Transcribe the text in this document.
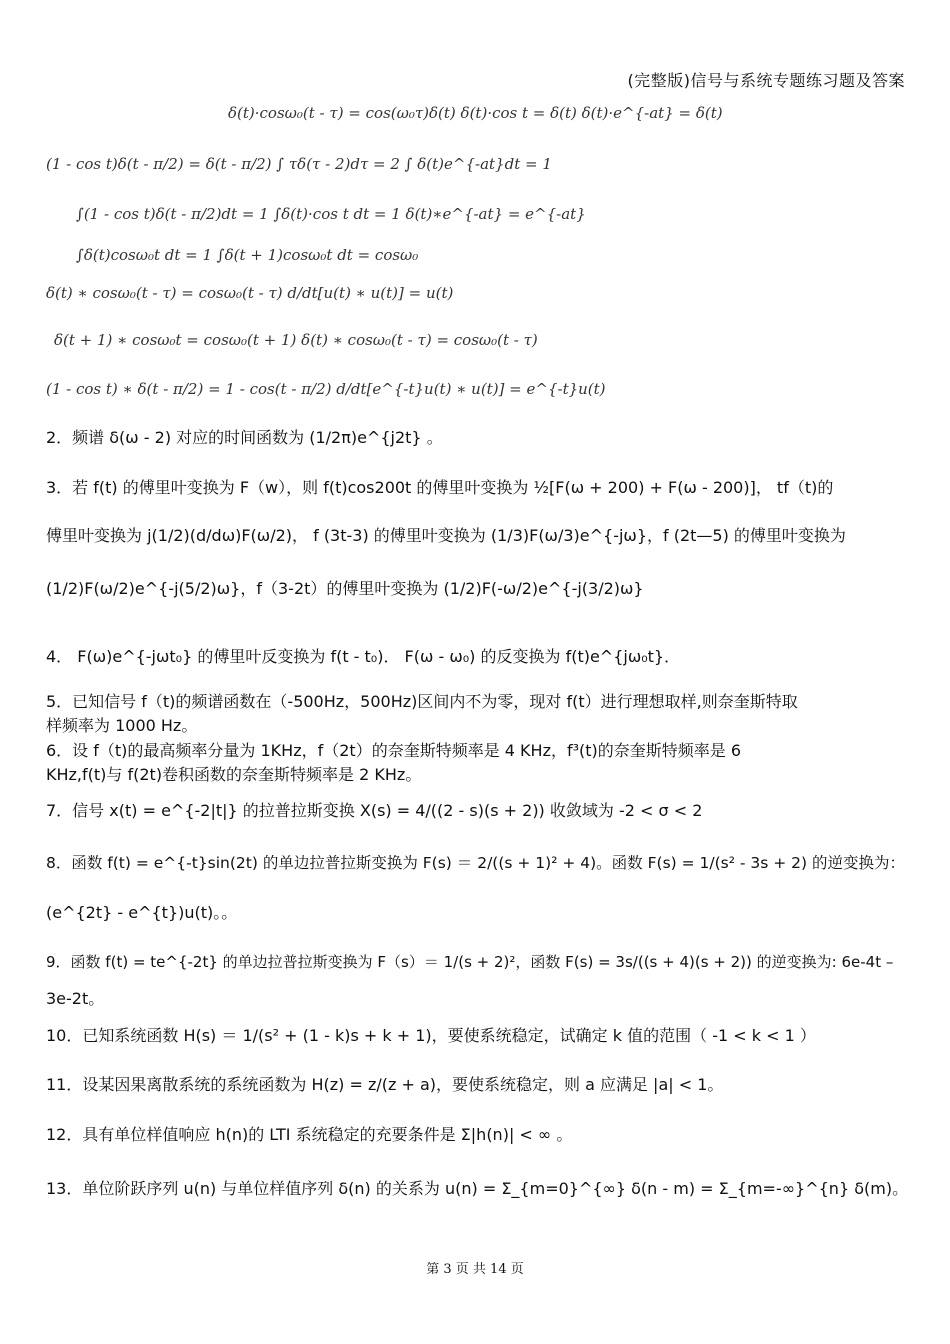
(完整版)信号与系统专题练习题及答案
δ(t)·cosω₀(t - τ) = cos(ω₀τ)δ(t) δ(t)·cos t = δ(t) δ(t)·e^{-at} = δ(t)
(1 - cos t)δ(t - π/2) = δ(t - π/2) ∫ τδ(τ - 2)dτ = 2 ∫ δ(t)e^{-at}dt = 1
∫(1 - cos t)δ(t - π/2)dt = 1 ∫δ(t)·cos t dt = 1 δ(t)∗e^{-at} = e^{-at}
∫δ(t)cosω₀t dt = 1 ∫δ(t + 1)cosω₀t dt = cosω₀
δ(t) ∗ cosω₀(t - τ) = cosω₀(t - τ) d/dt[u(t) ∗ u(t)] = u(t)
δ(t + 1) ∗ cosω₀t = cosω₀(t + 1) δ(t) ∗ cosω₀(t - τ) = cosω₀(t - τ)
(1 - cos t) ∗ δ(t - π/2) = 1 - cos(t - π/2) d/dt[e^{-t}u(t) ∗ u(t)] = e^{-t}u(t)
2．频谱 δ(ω - 2) 对应的时间函数为 (1/2π)e^{j2t} 。
3．若 f(t) 的傅里叶变换为 F（w），则 f(t)cos200t 的傅里叶变换为 ½[F(ω + 200) + F(ω - 200)]， tf（t)的
傅里叶变换为 j(1/2)(d/dω)F(ω/2)， f (3t-3) 的傅里叶变换为 (1/3)F(ω/3)e^{-jω}，f (2t—5) 的傅里叶变换为
(1/2)F(ω/2)e^{-j(5/2)ω}，f（3-2t）的傅里叶变换为 (1/2)F(-ω/2)e^{-j(3/2)ω}
4． F(ω)e^{-jωt₀} 的傅里叶反变换为 f(t - t₀)． F(ω - ω₀) 的反变换为 f(t)e^{jω₀t}．
5．已知信号 f（t)的频谱函数在（-500Hz，500Hz)区间内不为零，现对 f(t）进行理想取样,则奈奎斯特取
样频率为 1000 Hz。
6．设 f（t)的最高频率分量为 1KHz，f（2t）的奈奎斯特频率是 4 KHz，f³(t)的奈奎斯特频率是 6
KHz,f(t)与 f(2t)卷积函数的奈奎斯特频率是 2 KHz。
7．信号 x(t) = e^{-2|t|} 的拉普拉斯变换 X(s) = 4/((2 - s)(s + 2)) 收敛域为 -2 < σ < 2
8．函数 f(t) = e^{-t}sin(2t) 的单边拉普拉斯变换为 F(s) ＝ 2/((s + 1)² + 4)。函数 F(s) = 1/(s² - 3s + 2) 的逆变换为：
(e^{2t} - e^{t})u(t)。。
9．函数 f(t) = te^{-2t} 的单边拉普拉斯变换为 F（s）＝ 1/(s + 2)²，函数 F(s) = 3s/((s + 4)(s + 2)) 的逆变换为: 6e-4t –
3e-2t。
10．已知系统函数 H(s) ＝ 1/(s² + (1 - k)s + k + 1)，要使系统稳定，试确定 k 值的范围（ -1 < k < 1 ）
11．设某因果离散系统的系统函数为 H(z) = z/(z + a)，要使系统稳定，则 a 应满足 |a| < 1。
12．具有单位样值响应 h(n)的 LTI 系统稳定的充要条件是 Σ|h(n)| < ∞ 。
13．单位阶跃序列 u(n) 与单位样值序列 δ(n) 的关系为 u(n) = Σ_{m=0}^{∞} δ(n - m) = Σ_{m=-∞}^{n} δ(m)。
第 3 页 共 14 页
